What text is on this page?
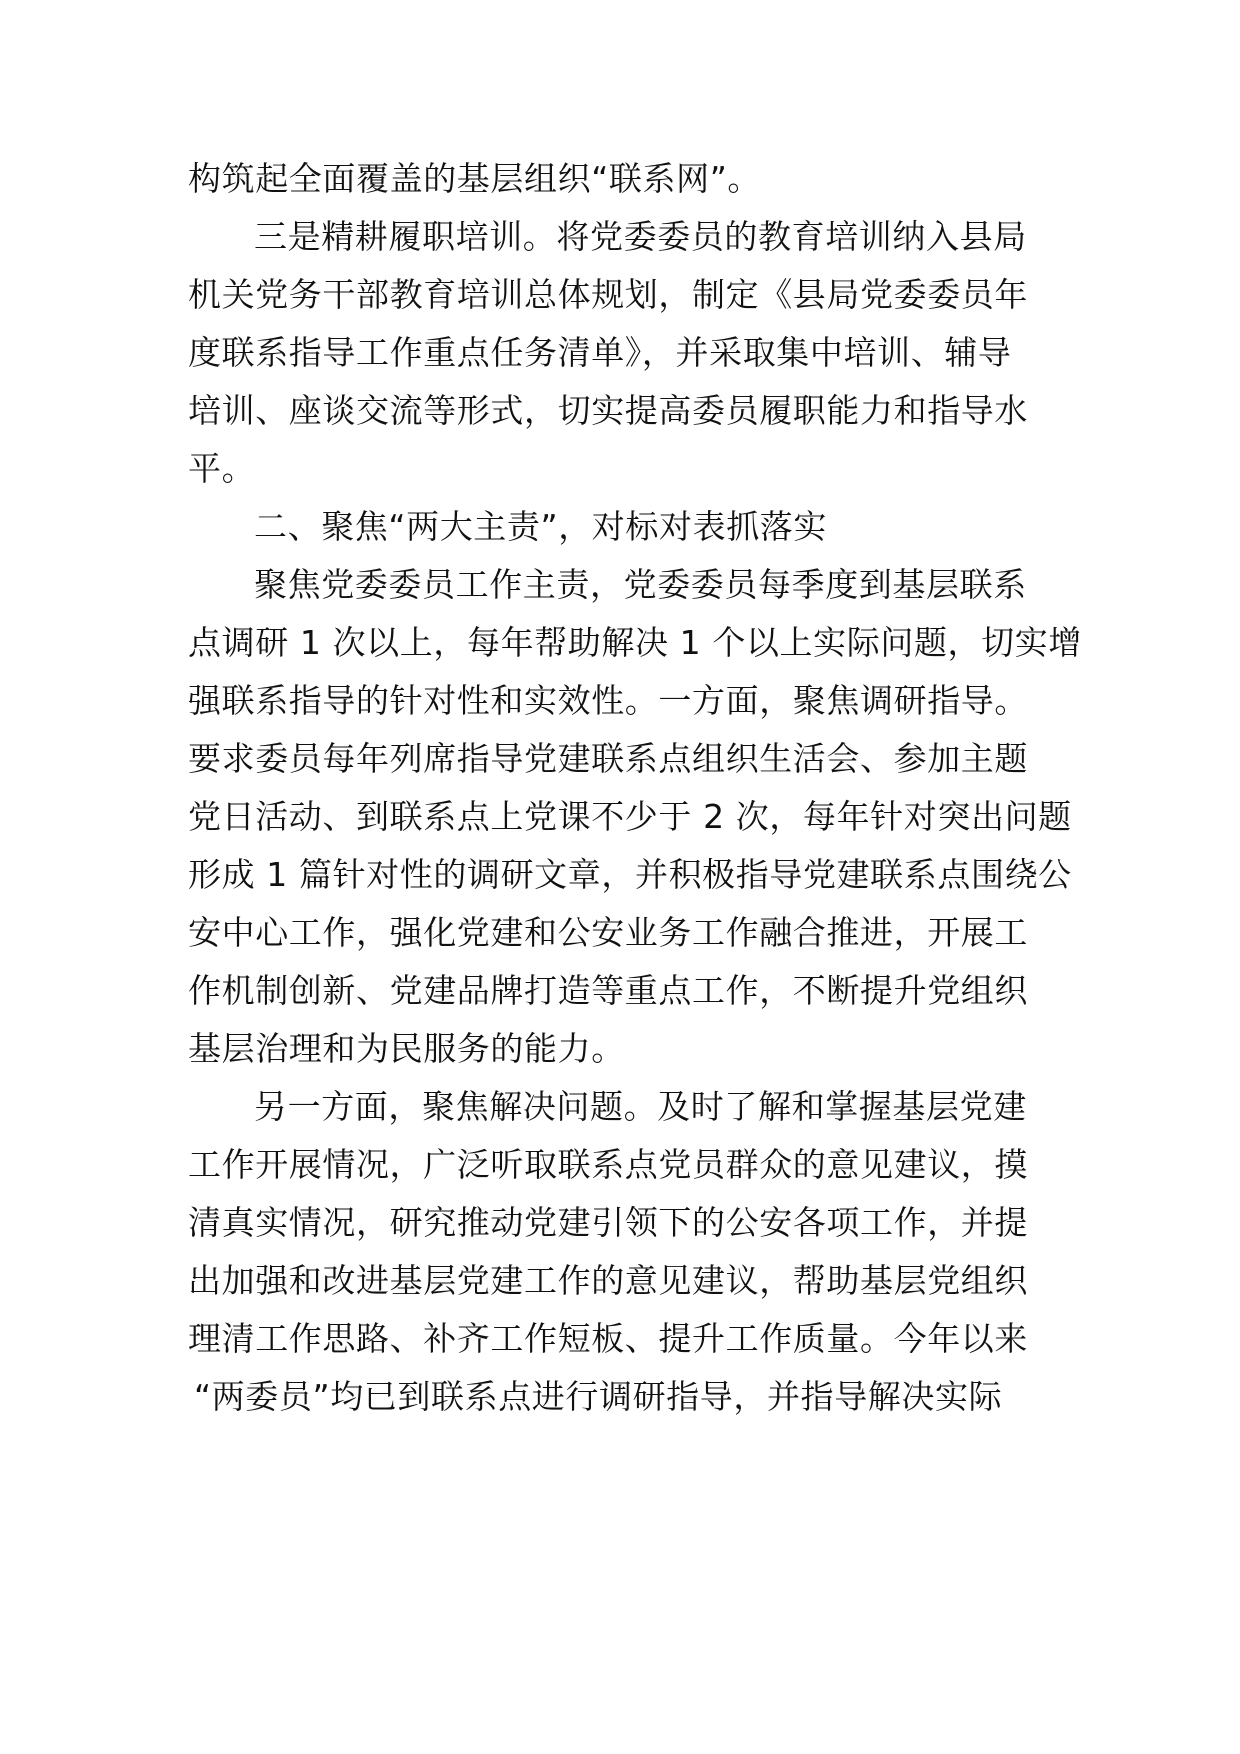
构筑起全面覆盖的基层组织“联系网”。
三是精耕履职培训。将党委委员的教育培训纳入县局
机关党务干部教育培训总体规划，制定《县局党委委员年
度联系指导工作重点任务清单》，并采取集中培训、辅导
培训、座谈交流等形式，切实提高委员履职能力和指导水
平。
二、聚焦“两大主责”，对标对表抓落实
聚焦党委委员工作主责，党委委员每季度到基层联系
点调研 1 次以上，每年帮助解决 1 个以上实际问题，切实增
强联系指导的针对性和实效性。一方面，聚焦调研指导。
要求委员每年列席指导党建联系点组织生活会、参加主题
党日活动、到联系点上党课不少于 2 次，每年针对突出问题
形成 1 篇针对性的调研文章，并积极指导党建联系点围绕公
安中心工作，强化党建和公安业务工作融合推进，开展工
作机制创新、党建品牌打造等重点工作，不断提升党组织
基层治理和为民服务的能力。
另一方面，聚焦解决问题。及时了解和掌握基层党建
工作开展情况，广泛听取联系点党员群众的意见建议，摸
清真实情况，研究推动党建引领下的公安各项工作，并提
出加强和改进基层党建工作的意见建议，帮助基层党组织
理清工作思路、补齐工作短板、提升工作质量。今年以来
“两委员”均已到联系点进行调研指导，并指导解决实际
